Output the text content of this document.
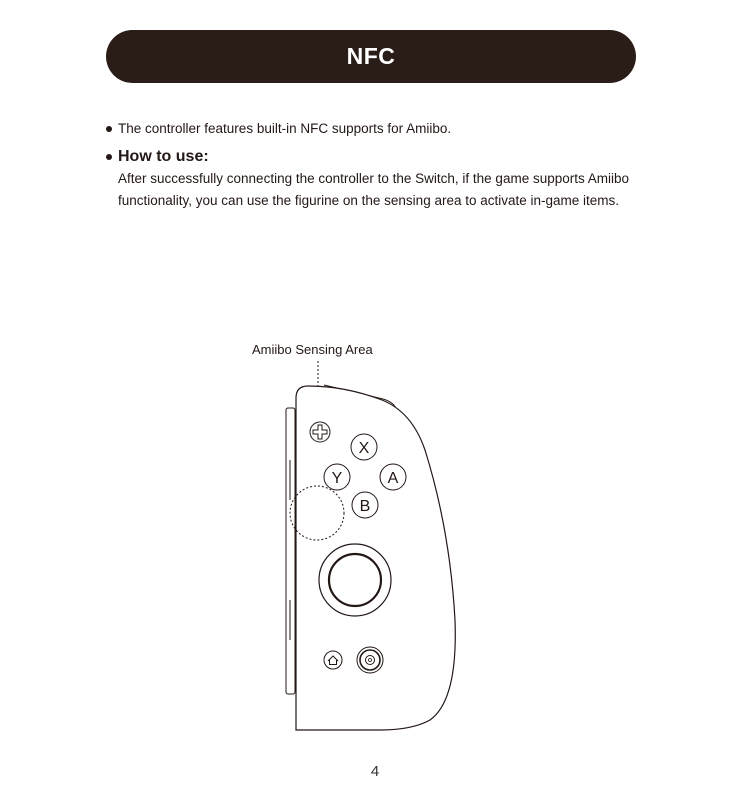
NFC
The controller features built-in NFC supports for Amiibo.
How to use:
After successfully connecting the controller to the Switch, if the game supports Amiibo functionality, you can use the figurine on the sensing area to activate in-game items.
Amiibo Sensing Area
X
Y	A
B
4
